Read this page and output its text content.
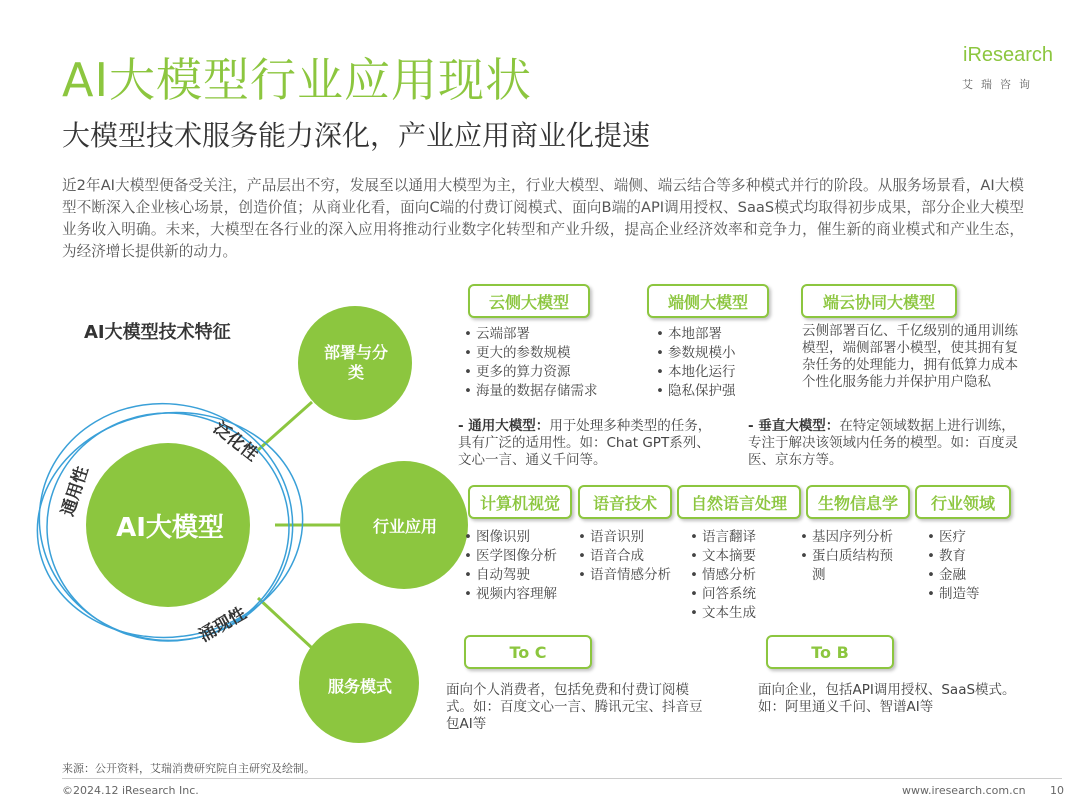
AI大模型行业应用现状
大模型技术服务能力深化，产业应用商业化提速
iResearch
艾瑞咨询
近2年AI大模型便备受关注，产品层出不穷，发展至以通用大模型为主，行业大模型、端侧、端云结合等多种模式并行的阶段。从服务场景看，AI大模型不断深入企业核心场景，创造价值；从商业化看，面向C端的付费订阅模式、面向B端的API调用授权、SaaS模式均取得初步成果，部分企业大模型业务收入明确。未来，大模型在各行业的深入应用将推动行业数字化转型和产业升级，提高企业经济效率和竞争力，催生新的商业模式和产业生态，为经济增长提供新的动力。
泛化性
通用性
涌现性
AI大模型技术特征
AI大模型
部署与分类
行业应用
服务模式
云侧大模型	端侧大模型	端云协同大模型
• 云端部署
• 更大的参数规模
• 更多的算力资源
• 海量的数据存储需求
• 本地部署
• 参数规模小
• 本地化运行
• 隐私保护强
云侧部署百亿、千亿级别的通用训练模型，端侧部署小模型，使其拥有复杂任务的处理能力，拥有低算力成本个性化服务能力并保护用户隐私
- 通用大模型：用于处理多种类型的任务，具有广泛的适用性。如：Chat GPT系列、文心一言、通义千问等。
- 垂直大模型：在特定领域数据上进行训练，专注于解决该领域内任务的模型。如：百度灵医、京东方等。
计算机视觉	语音技术	自然语言处理	生物信息学	行业领域
• 图像识别
• 医学图像分析
• 自动驾驶
• 视频内容理解
• 语音识别
• 语音合成
• 语音情感分析
• 语言翻译
• 文本摘要
• 情感分析
• 问答系统
• 文本生成
• 基因序列分析
• 蛋白质结构预测
• 医疗
• 教育
• 金融
• 制造等
To C	To B
面向个人消费者，包括免费和付费订阅模式。如：百度文心一言、腾讯元宝、抖音豆包AI等
面向企业，包括API调用授权、SaaS模式。如：阿里通义千问、智谱AI等
来源：公开资料，艾瑞消费研究院自主研究及绘制。
©2024.12 iResearch Inc.	www.iresearch.com.cn 10
